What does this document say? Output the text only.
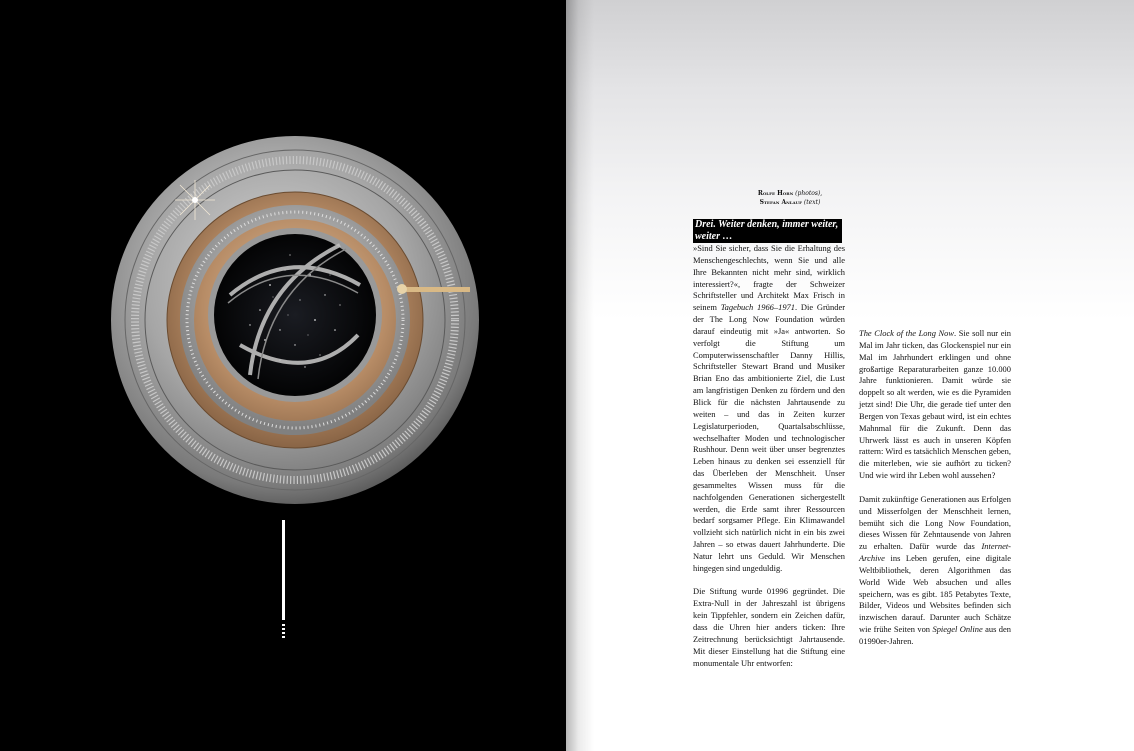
Rolfe Horn (photos),
Stefan Anlauf (text)

Drei. Weiter denken, immer weiter, weiter …
»Sind Sie sicher, dass Sie die Erhaltung des Menschengeschlechts, wenn Sie und alle Ihre Bekannten nicht mehr sind, wirklich interessiert?«, fragte der Schweizer Schriftsteller und Architekt Max Frisch in seinem Tagebuch 1966–1971. Die Gründer der The Long Now Foundation würden darauf eindeutig mit »Ja« antworten. So verfolgt die Stiftung um Computerwissenschaftler Danny Hillis, Schriftsteller Stewart Brand und Musiker Brian Eno das ambitionierte Ziel, die Lust am langfristigen Denken zu fördern und den Blick für die nächsten Jahrtausende zu weiten – und das in Zeiten kurzer Legislaturperioden, Quartalsabschlüsse, wechselhafter Moden und technologischer Rushhour. Denn weit über unser begrenztes Leben hinaus zu denken sei essenziell für das Überleben der Menschheit. Unser gesammeltes Wissen muss für die nachfolgenden Generationen sichergestellt werden, die Erde samt ihrer Ressourcen bedarf sorgsamer Pflege. Ein Klimawandel vollzieht sich natürlich nicht in ein bis zwei Jahren – so etwas dauert Jahrhunderte. Die Natur lehrt uns Geduld. Wir Menschen hingegen sind ungeduldig.

Die Stiftung wurde 01996 gegründet. Die Extra-Null in der Jahreszahl ist übrigens kein Tippfehler, sondern ein Zeichen dafür, dass die Uhren hier anders ticken: Ihre Zeitrechnung berücksichtigt Jahrtausende. Mit dieser Einstellung hat die Stiftung eine monumentale Uhr entworfen:

The Clock of the Long Now. Sie soll nur ein Mal im Jahr ticken, das Glockenspiel nur ein Mal im Jahrhundert erklingen und ohne großartige Reparaturarbeiten ganze 10.000 Jahre funktionieren. Damit würde sie doppelt so alt werden, wie es die Pyramiden jetzt sind! Die Uhr, die gerade tief unter den Bergen von Texas gebaut wird, ist ein echtes Mahnmal für die Zukunft. Denn das Uhrwerk lässt es auch in unseren Köpfen rattern: Wird es tatsächlich Menschen geben, die miterleben, wie sie aufhört zu ticken? Und wie wird ihr Leben wohl aussehen?

Damit zukünftige Generationen aus Erfolgen und Misserfolgen der Menschheit lernen, bemüht sich die Long Now Foundation, dieses Wissen für Zehntausende von Jahren zu erhalten. Dafür wurde das Internet-Archive ins Leben gerufen, eine digitale Weltbibliothek, deren Algorithmen das World Wide Web absuchen und alles speichern, was es gibt. 185 Petabytes Texte, Bilder, Videos und Websites befinden sich inzwischen darauf. Darunter auch Schätze wie frühe Seiten von Spiegel Online aus den 01990er-Jahren.
